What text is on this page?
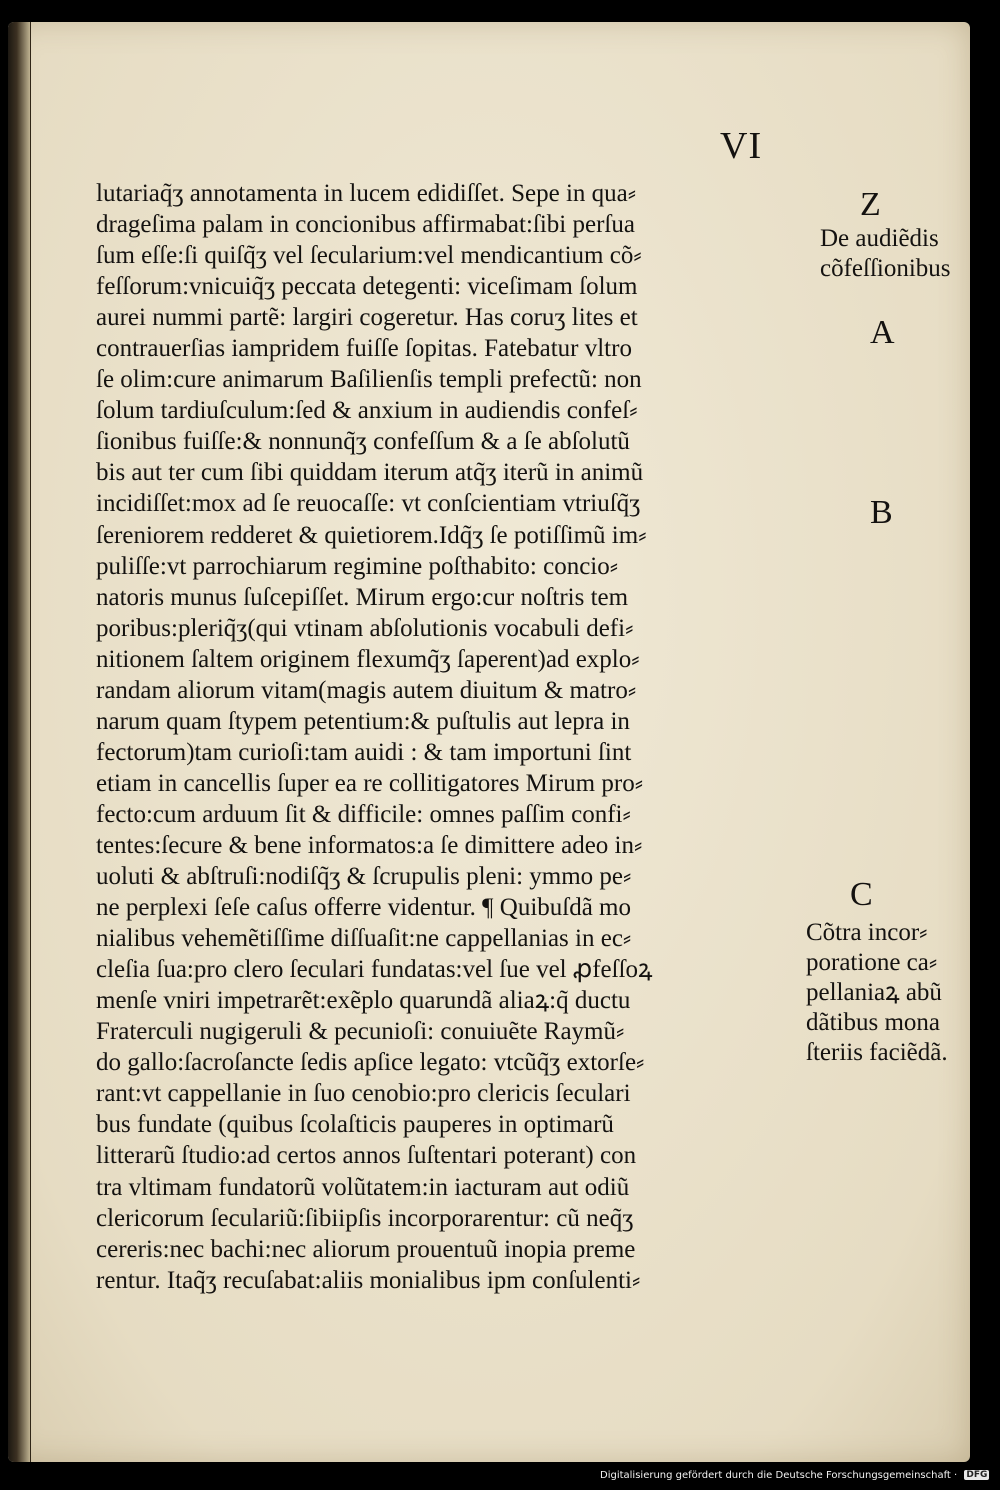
VI
lutariaq̃ʒ annotamenta in lucem edidiſſet. Sepe in qua⸗
drageſima palam in concionibus affirmabat:ſibi perſua
ſum eſſe:ſi quiſq̃ʒ vel ſecularium:vel mendicantium cõ⸗
feſſorum:vnicuiq̃ʒ peccata detegenti: viceſimam ſolum
aurei nummi partẽ: largiri cogeretur. Has coruʒ lites et
contrauerſias iampridem fuiſſe ſopitas. Fatebatur vltro
ſe olim:cure animarum Baſilienſis templi prefectũ: non
ſolum tardiuſculum:ſed & anxium in audiendis confeſ⸗
ſionibus fuiſſe:& nonnunq̃ʒ confeſſum & a ſe abſolutũ
bis aut ter cum ſibi quiddam iterum atq̃ʒ iterũ in animũ
incidiſſet:mox ad ſe reuocaſſe: vt conſcientiam vtriuſq̃ʒ
ſereniorem redderet & quietiorem.Idq̃ʒ ſe potiſſimũ im⸗
puliſſe:vt parrochiarum regimine poſthabito: concio⸗
natoris munus ſuſcepiſſet. Mirum ergo:cur noſtris tem
poribus:pleriq̃ʒ(qui vtinam abſolutionis vocabuli defi⸗
nitionem ſaltem originem flexumq̃ʒ ſaperent)ad explo⸗
randam aliorum vitam(magis autem diuitum & matro⸗
narum quam ſtypem petentium:& puſtulis aut lepra in
fectorum)tam curioſi:tam auidi : & tam importuni ſint
etiam in cancellis ſuper ea re collitigatores Mirum pro⸗
fecto:cum arduum ſit & difficile: omnes paſſim confi⸗
tentes:ſecure & bene informatos:a ſe dimittere adeo in⸗
uoluti & abſtruſi:nodiſq̃ʒ & ſcrupulis pleni: ymmo pe⸗
ne perplexi ſeſe caſus offerre videntur. ¶ Quibuſdã mo
nialibus vehemẽtiſſime diſſuaſit:ne cappellanias in ec⸗
cleſia ſua:pro clero ſeculari fundatas:vel ſue vel ꝓfeſſoꝝ
menſe vniri impetrarẽt:exẽplo quarundã aliaꝝ:q̃ ductu
Fraterculi nugigeruli & pecunioſi: conuiuẽte Raymũ⸗
do gallo:ſacroſancte ſedis apſice legato: vtcũq̃ʒ extorſe⸗
rant:vt cappellanie in ſuo cenobio:pro clericis ſeculari
bus fundate (quibus ſcolaſticis pauperes in optimarũ
litterarũ ſtudio:ad certos annos ſuſtentari poterant) con
tra vltimam fundatorũ volũtatem:in iacturam aut odiũ
clericorum ſeculariũ:ſibiipſis incorporarentur: cũ neq̃ʒ
cereris:nec bachi:nec aliorum prouentuũ inopia preme
rentur. Itaq̃ʒ recuſabat:aliis monialibus ipm conſulenti⸗
Z
De audiẽdis
cõfeſſionibus
A
B
C
Cõtra incor⸗
poratione ca⸗
pellaniaꝝ abũ
dãtibus mona
ſteriis faciẽdã.
Digitalisierung gefördert durch die Deutsche Forschungsgemeinschaft · DFG
